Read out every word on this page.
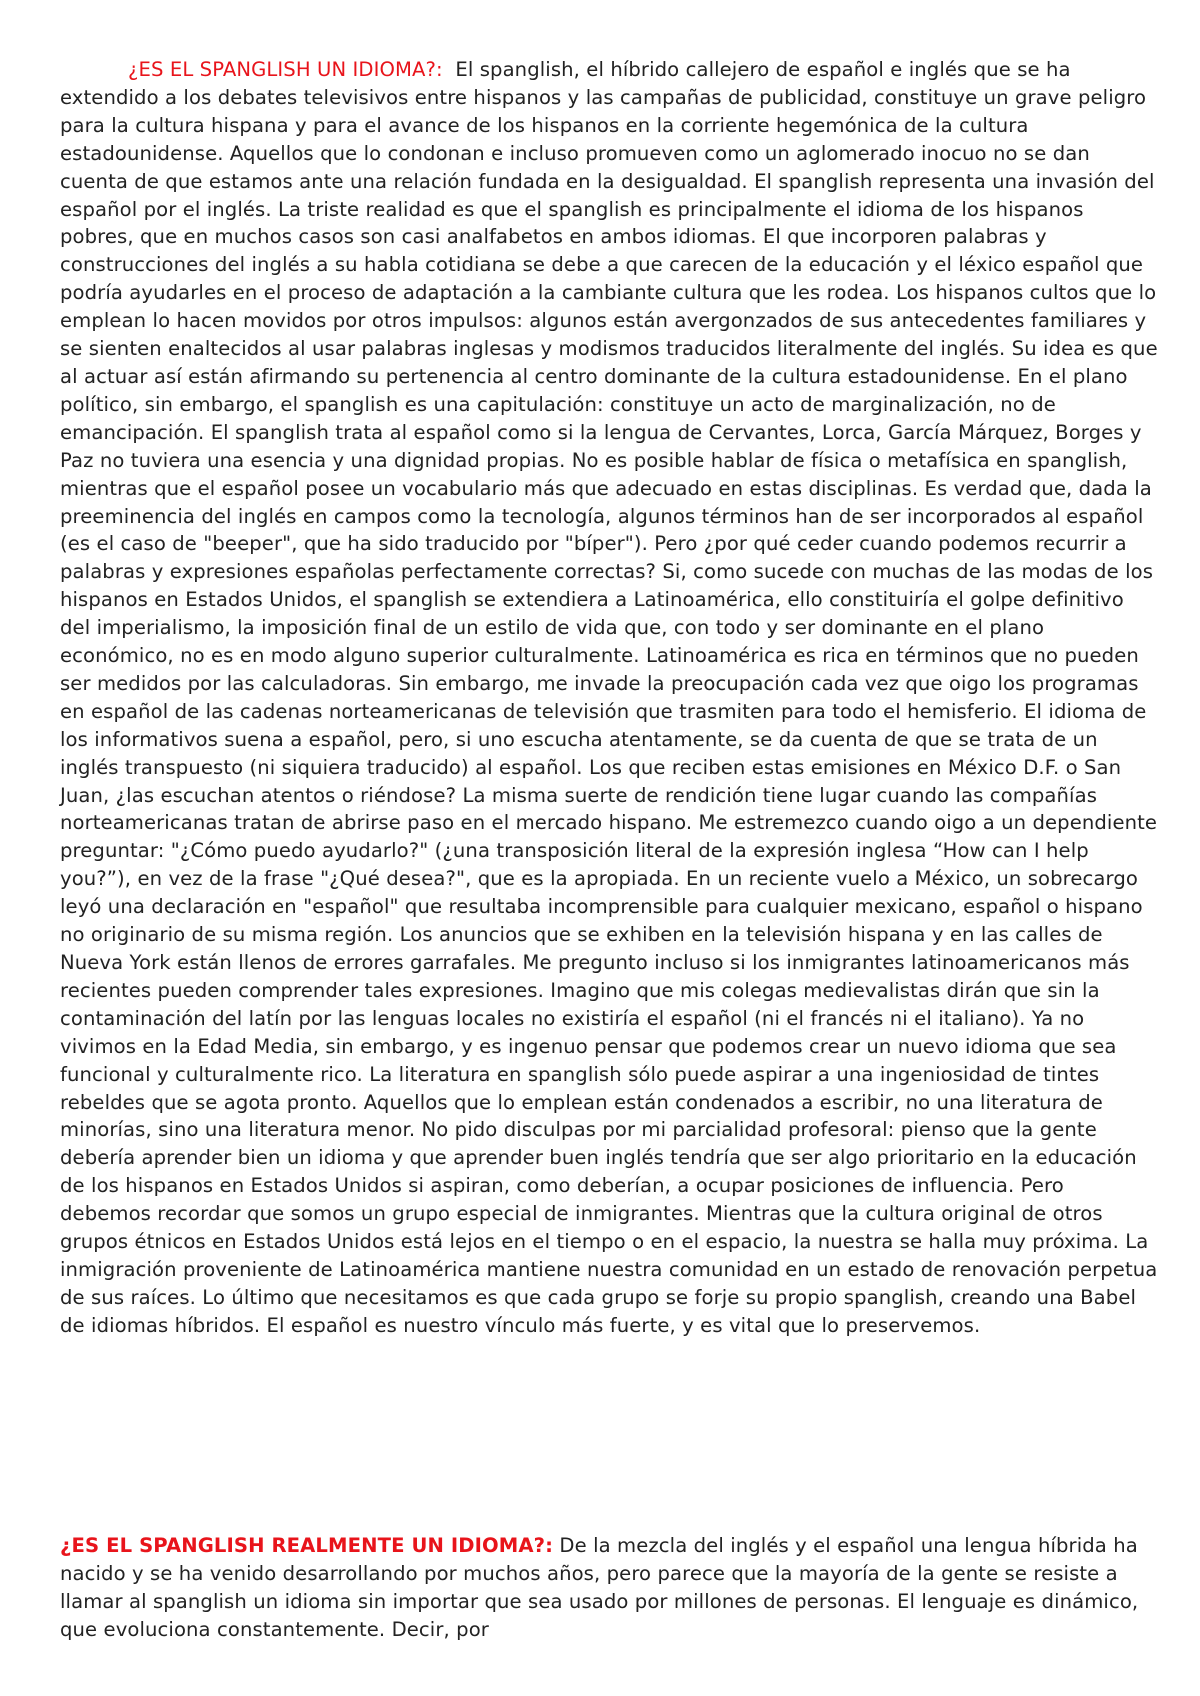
¿ES EL SPANGLISH UN IDIOMA?:  El spanglish, el híbrido callejero de español e inglés que se ha extendido a los debates televisivos entre hispanos y las campañas de publicidad, constituye un grave peligro para la cultura hispana y para el avance de los hispanos en la corriente hegemónica de la cultura estadounidense. Aquellos que lo condonan e incluso promueven como un aglomerado inocuo no se dan cuenta de que estamos ante una relación fundada en la desigualdad. El spanglish representa una invasión del español por el inglés. La triste realidad es que el spanglish es principalmente el idioma de los hispanos pobres, que en muchos casos son casi analfabetos en ambos idiomas. El que incorporen palabras y construcciones del inglés a su habla cotidiana se debe a que carecen de la educación y el léxico español que podría ayudarles en el proceso de adaptación a la cambiante cultura que les rodea. Los hispanos cultos que lo emplean lo hacen movidos por otros impulsos: algunos están avergonzados de sus antecedentes familiares y se sienten enaltecidos al usar palabras inglesas y modismos traducidos literalmente del inglés. Su idea es que al actuar así están afirmando su pertenencia al centro dominante de la cultura estadounidense. En el plano político, sin embargo, el spanglish es una capitulación: constituye un acto de marginalización, no de emancipación. El spanglish trata al español como si la lengua de Cervantes, Lorca, García Márquez, Borges y Paz no tuviera una esencia y una dignidad propias. No es posible hablar de física o metafísica en spanglish, mientras que el español posee un vocabulario más que adecuado en estas disciplinas. Es verdad que, dada la preeminencia del inglés en campos como la tecnología, algunos términos han de ser incorporados al español (es el caso de "beeper", que ha sido traducido por "bíper"). Pero ¿por qué ceder cuando podemos recurrir a palabras y expresiones españolas perfectamente correctas? Si, como sucede con muchas de las modas de los hispanos en Estados Unidos, el spanglish se extendiera a Latinoamérica, ello constituiría el golpe definitivo del imperialismo, la imposición final de un estilo de vida que, con todo y ser dominante en el plano económico, no es en modo alguno superior culturalmente. Latinoamérica es rica en términos que no pueden ser medidos por las calculadoras. Sin embargo, me invade la preocupación cada vez que oigo los programas en español de las cadenas norteamericanas de televisión que trasmiten para todo el hemisferio. El idioma de los informativos suena a español, pero, si uno escucha atentamente, se da cuenta de que se trata de un inglés transpuesto (ni siquiera traducido) al español. Los que reciben estas emisiones en México D.F. o San Juan, ¿las escuchan atentos o riéndose? La misma suerte de rendición tiene lugar cuando las compañías norteamericanas tratan de abrirse paso en el mercado hispano. Me estremezco cuando oigo a un dependiente preguntar: "¿Cómo puedo ayudarlo?" (¿una transposición literal de la expresión inglesa “How can I help you?”), en vez de la frase "¿Qué desea?", que es la apropiada. En un reciente vuelo a México, un sobrecargo leyó una declaración en "español" que resultaba incomprensible para cualquier mexicano, español o hispano no originario de su misma región. Los anuncios que se exhiben en la televisión hispana y en las calles de Nueva York están llenos de errores garrafales. Me pregunto incluso si los inmigrantes latinoamericanos más recientes pueden comprender tales expresiones. Imagino que mis colegas medievalistas dirán que sin la contaminación del latín por las lenguas locales no existiría el español (ni el francés ni el italiano). Ya no vivimos en la Edad Media, sin embargo, y es ingenuo pensar que podemos crear un nuevo idioma que sea funcional y culturalmente rico. La literatura en spanglish sólo puede aspirar a una ingeniosidad de tintes rebeldes que se agota pronto. Aquellos que lo emplean están condenados a escribir, no una literatura de minorías, sino una literatura menor. No pido disculpas por mi parcialidad profesoral: pienso que la gente debería aprender bien un idioma y que aprender buen inglés tendría que ser algo prioritario en la educación de los hispanos en Estados Unidos si aspiran, como deberían, a ocupar posiciones de influencia. Pero debemos recordar que somos un grupo especial de inmigrantes. Mientras que la cultura original de otros grupos étnicos en Estados Unidos está lejos en el tiempo o en el espacio, la nuestra se halla muy próxima. La inmigración proveniente de Latinoamérica mantiene nuestra comunidad en un estado de renovación perpetua de sus raíces. Lo último que necesitamos es que cada grupo se forje su propio spanglish, creando una Babel de idiomas híbridos. El español es nuestro vínculo más fuerte, y es vital que lo preservemos.

¿ES EL SPANGLISH REALMENTE UN IDIOMA?: De la mezcla del inglés y el español una lengua híbrida ha nacido y se ha venido desarrollando por muchos años, pero parece que la mayoría de la gente se resiste a llamar al spanglish un idioma sin importar que sea usado por millones de personas. El lenguaje es dinámico, que evoluciona constantemente. Decir, por
